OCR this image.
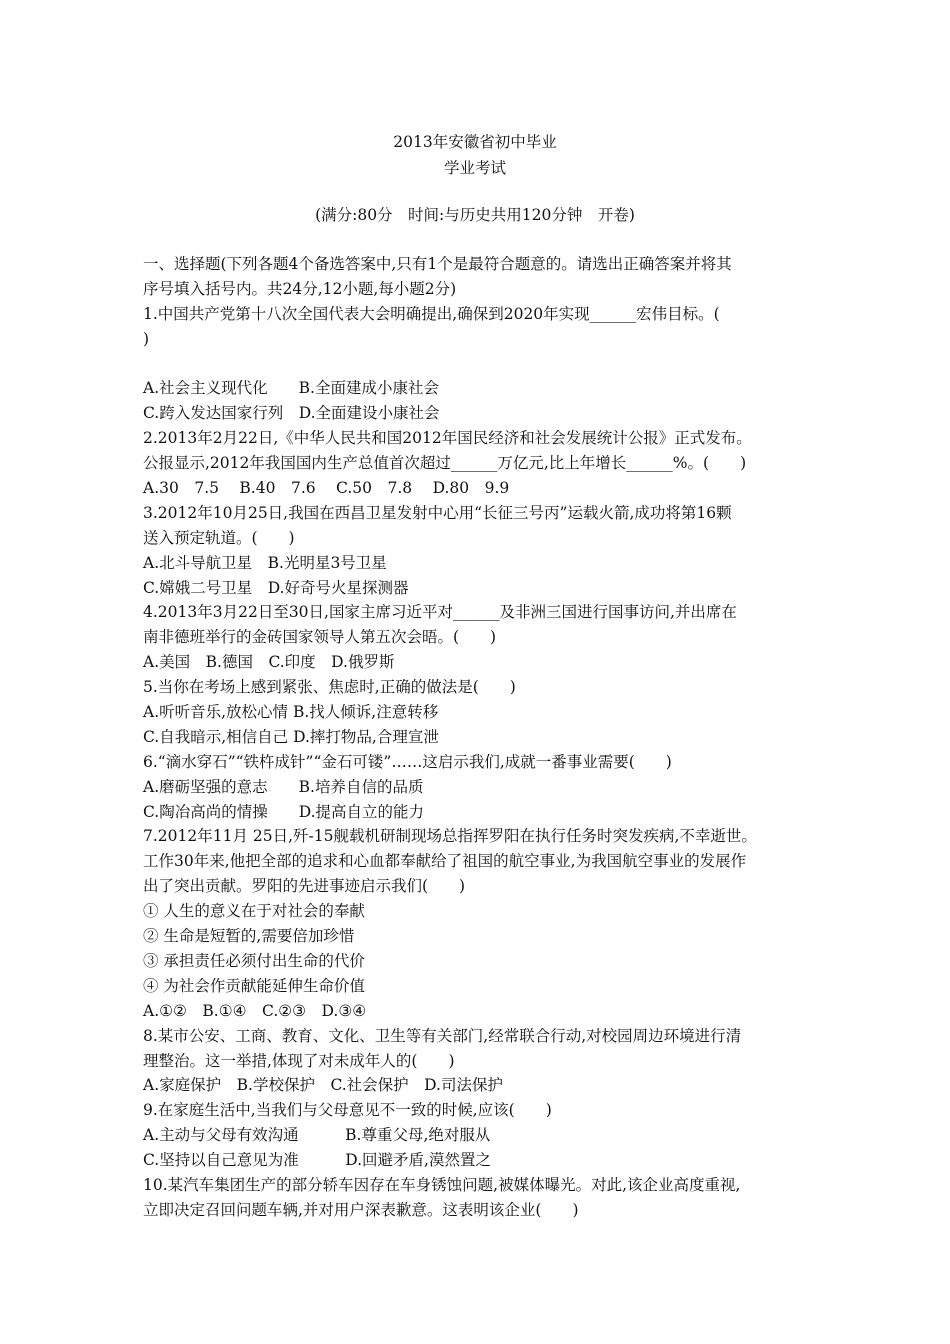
2013年安徽省初中毕业
学业考试
(满分:80分　时间:与历史共用120分钟　开卷)
一、选择题(下列各题4个备选答案中,只有1个是最符合题意的。请选出正确答案并将其
序号填入括号内。共24分,12小题,每小题2分)
1.中国共产党第十八次全国代表大会明确提出,确保到2020年实现______宏伟目标。(
)
A.社会主义现代化　　B.全面建成小康社会
C.跨入发达国家行列　D.全面建设小康社会
2.2013年2月22日,《中华人民共和国2012年国民经济和社会发展统计公报》正式发布。
公报显示,2012年我国国内生产总值首次超过______万亿元,比上年增长______%。(　　)
A.30　7.5　 B.40　7.6　 C.50　7.8　 D.80　9.9
3.2012年10月25日,我国在西昌卫星发射中心用“长征三号丙”运载火箭,成功将第16颗
送入预定轨道。(　　)
A.北斗导航卫星　B.光明星3号卫星
C.嫦娥二号卫星　D.好奇号火星探测器
4.2013年3月22日至30日,国家主席习近平对______及非洲三国进行国事访问,并出席在
南非德班举行的金砖国家领导人第五次会晤。(　　)
A.美国　B.德国　C.印度　D.俄罗斯
5.当你在考场上感到紧张、焦虑时,正确的做法是(　　)
A.听听音乐,放松心情 B.找人倾诉,注意转移
C.自我暗示,相信自己 D.摔打物品,合理宣泄
6.“滴水穿石”“铁杵成针”“金石可镂”……这启示我们,成就一番事业需要(　　)
A.磨砺坚强的意志　　B.培养自信的品质
C.陶冶高尚的情操　　D.提高自立的能力
7.2012年11月 25日,歼-15舰载机研制现场总指挥罗阳在执行任务时突发疾病,不幸逝世。
工作30年来,他把全部的追求和心血都奉献给了祖国的航空事业,为我国航空事业的发展作
出了突出贡献。罗阳的先进事迹启示我们(　　)
① 人生的意义在于对社会的奉献
② 生命是短暂的,需要倍加珍惜
③ 承担责任必须付出生命的代价
④ 为社会作贡献能延伸生命价值
A.①②　B.①④　C.②③　D.③④
8.某市公安、工商、教育、文化、卫生等有关部门,经常联合行动,对校园周边环境进行清
理整治。这一举措,体现了对未成年人的(　　)
A.家庭保护　B.学校保护　C.社会保护　D.司法保护
9.在家庭生活中,当我们与父母意见不一致的时候,应该(　　)
A.主动与父母有效沟通　　　B.尊重父母,绝对服从
C.坚持以自己意见为准　　　D.回避矛盾,漠然置之
10.某汽车集团生产的部分轿车因存在车身锈蚀问题,被媒体曝光。对此,该企业高度重视,
立即决定召回问题车辆,并对用户深表歉意。这表明该企业(　　)
